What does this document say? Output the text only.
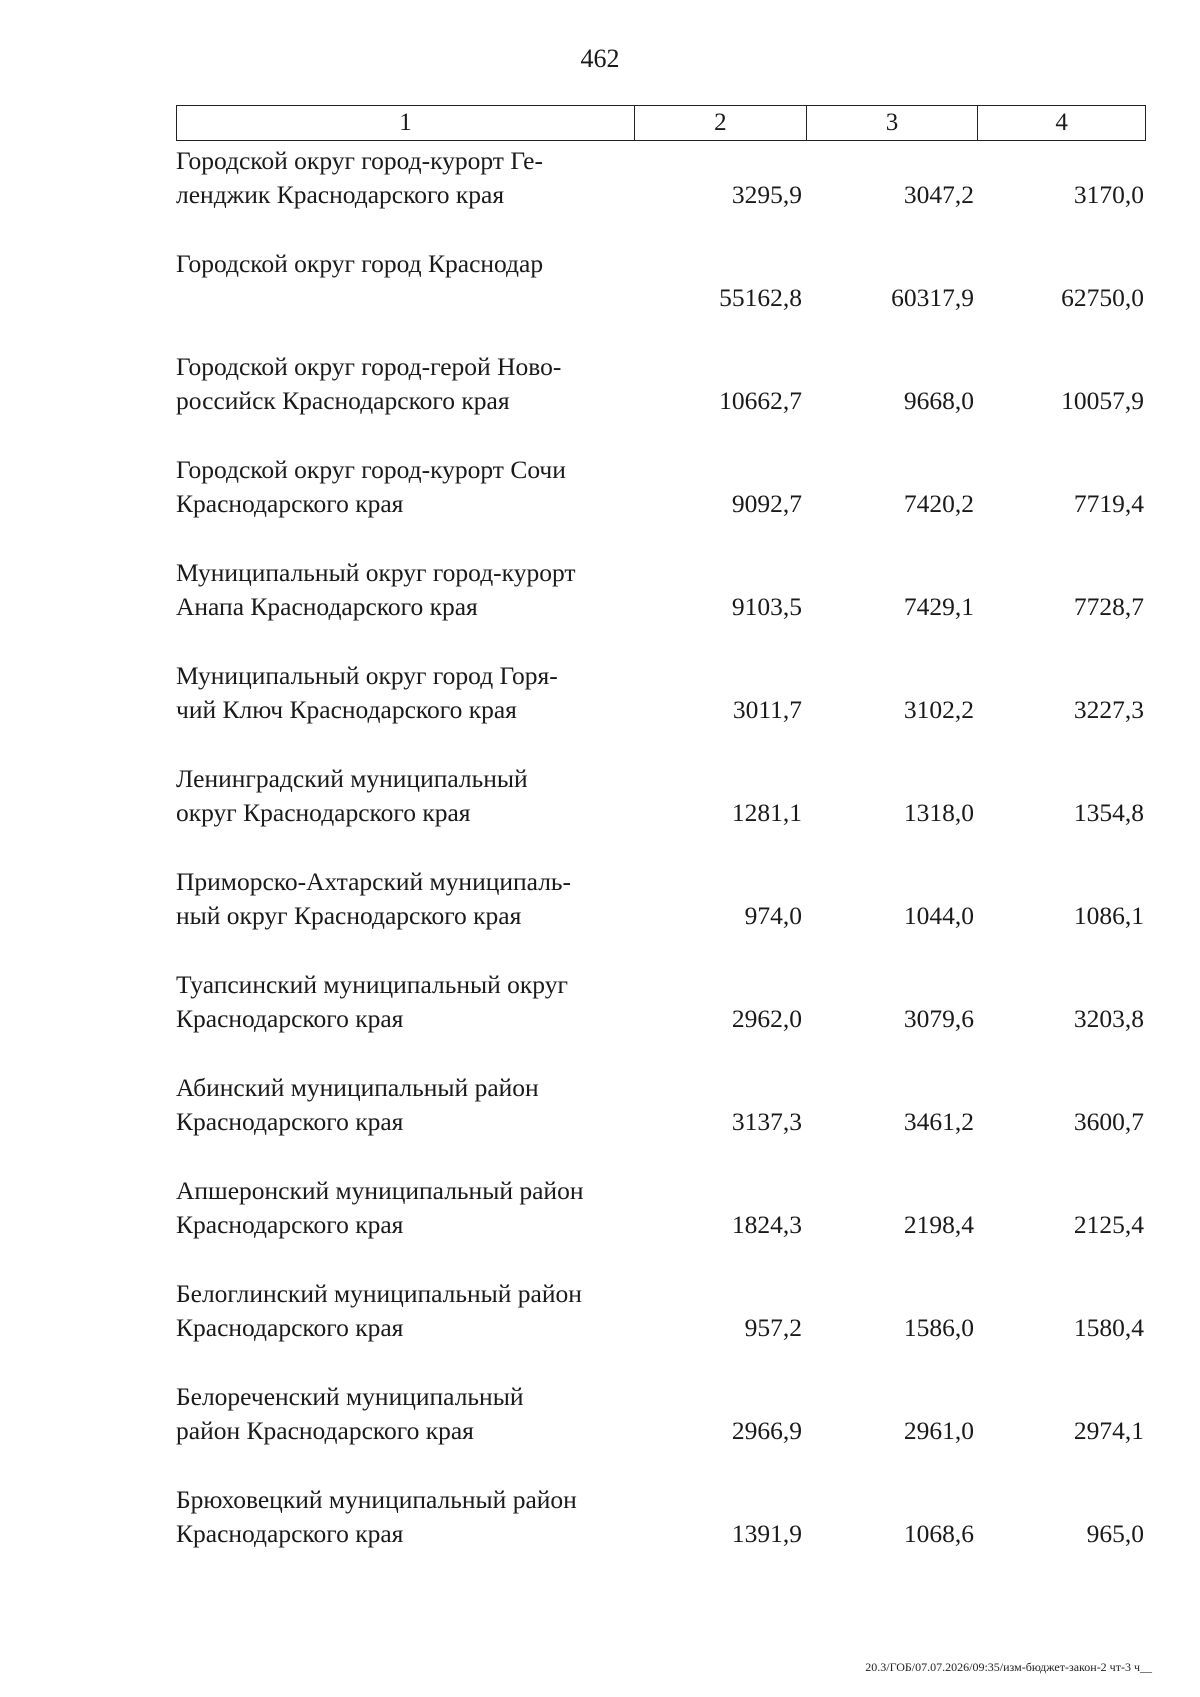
462
1	2	3	4
Городской округ город-курорт Ге-
ленджик Краснодарского края	3295,9	3047,2	3170,0
Городской округ город Краснодар
55162,8	60317,9	62750,0
Городской округ город-герой Ново-
российск Краснодарского края	10662,7	9668,0	10057,9
Городской округ город-курорт Сочи
Краснодарского края	9092,7	7420,2	7719,4
Муниципальный округ город-курорт
Анапа Краснодарского края	9103,5	7429,1	7728,7
Муниципальный округ город Горя-
чий Ключ Краснодарского края	3011,7	3102,2	3227,3
Ленинградский муниципальный
округ Краснодарского края	1281,1	1318,0	1354,8
Приморско-Ахтарский муниципаль-
ный округ Краснодарского края	974,0	1044,0	1086,1
Туапсинский муниципальный округ
Краснодарского края	2962,0	3079,6	3203,8
Абинский муниципальный район
Краснодарского края	3137,3	3461,2	3600,7
Апшеронский муниципальный район
Краснодарского края	1824,3	2198,4	2125,4
Белоглинский муниципальный район
Краснодарского края	957,2	1586,0	1580,4
Белореченский муниципальный
район Краснодарского края	2966,9	2961,0	2974,1
Брюховецкий муниципальный район
Краснодарского края	1391,9	1068,6	965,0
20.3/ГОБ/07.07.2026/09:35/изм-бюджет-закон-2 чт-3 ч__
